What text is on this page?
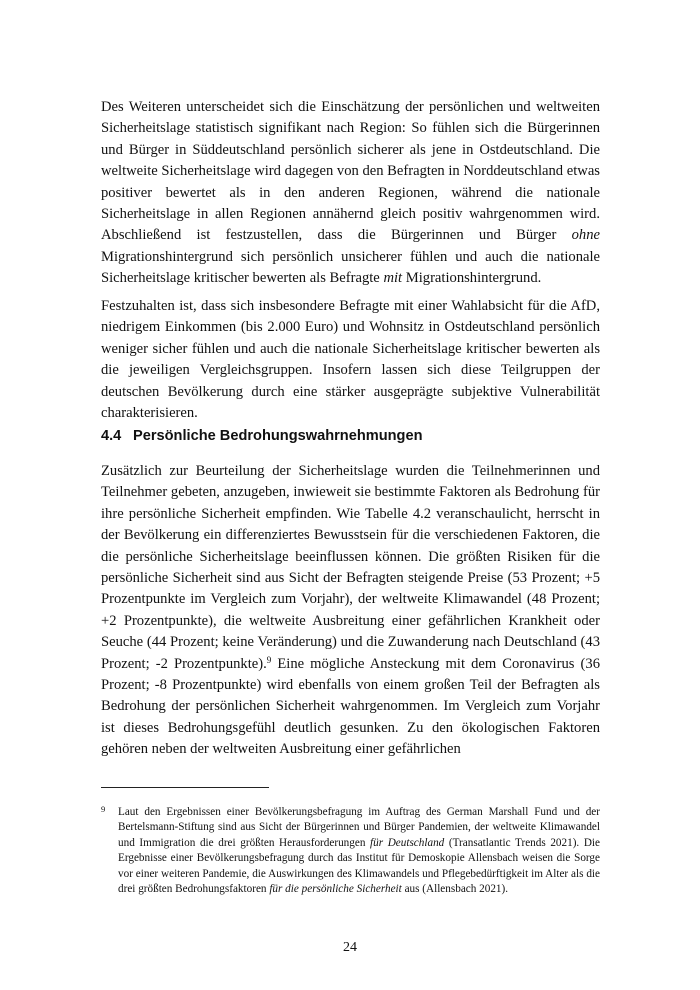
Des Weiteren unterscheidet sich die Einschätzung der persönlichen und weltweiten Sicherheitslage statistisch signifikant nach Region: So fühlen sich die Bürgerinnen und Bürger in Süddeutschland persönlich sicherer als jene in Ostdeutschland. Die weltweite Sicherheitslage wird dagegen von den Befragten in Norddeutschland etwas positiver bewertet als in den anderen Regionen, während die nationale Sicherheitslage in allen Regionen annähernd gleich positiv wahrgenommen wird. Abschließend ist festzustellen, dass die Bürgerinnen und Bürger ohne Migrationshintergrund sich persönlich unsicherer fühlen und auch die nationale Sicherheitslage kritischer bewerten als Befragte mit Migrationshintergrund.

Festzuhalten ist, dass sich insbesondere Befragte mit einer Wahlabsicht für die AfD, niedrigem Einkommen (bis 2.000 Euro) und Wohnsitz in Ostdeutschland persönlich weniger sicher fühlen und auch die nationale Sicherheitslage kritischer bewerten als die jeweiligen Vergleichsgruppen. Insofern lassen sich diese Teilgruppen der deutschen Bevölkerung durch eine stärker ausgeprägte subjektive Vulnerabilität charakterisieren.

4.4 Persönliche Bedrohungswahrnehmungen

Zusätzlich zur Beurteilung der Sicherheitslage wurden die Teilnehmerinnen und Teilnehmer gebeten, anzugeben, inwieweit sie bestimmte Faktoren als Bedrohung für ihre persönliche Sicherheit empfinden. Wie Tabelle 4.2 veranschaulicht, herrscht in der Bevölkerung ein differenziertes Bewusstsein für die verschiedenen Faktoren, die die persönliche Sicherheitslage beeinflussen können. Die größten Risiken für die persönliche Sicherheit sind aus Sicht der Befragten steigende Preise (53 Prozent; +5 Prozentpunkte im Vergleich zum Vorjahr), der weltweite Klimawandel (48 Prozent; +2 Prozentpunkte), die weltweite Ausbreitung einer gefährlichen Krankheit oder Seuche (44 Prozent; keine Veränderung) und die Zuwanderung nach Deutschland (43 Prozent; -2 Prozentpunkte).$^9$ Eine mögliche Ansteckung mit dem Coronavirus (36 Prozent; -8 Prozentpunkte) wird ebenfalls von einem großen Teil der Befragten als Bedrohung der persönlichen Sicherheit wahrgenommen. Im Vergleich zum Vorjahr ist dieses Bedrohungsgefühl deutlich gesunken. Zu den ökologischen Faktoren gehören neben der weltweiten Ausbreitung einer gefährlichen

9 Laut den Ergebnissen einer Bevölkerungsbefragung im Auftrag des German Marshall Fund und der Bertelsmann-Stiftung sind aus Sicht der Bürgerinnen und Bürger Pandemien, der weltweite Klimawandel und Immigration die drei größten Herausforderungen für Deutschland (Transatlantic Trends 2021). Die Ergebnisse einer Bevölkerungsbefragung durch das Institut für Demoskopie Allensbach weisen die Sorge vor einer weiteren Pandemie, die Auswirkungen des Klimawandels und Pflegebedürftigkeit im Alter als die drei größten Bedrohungsfaktoren für die persönliche Sicherheit aus (Allensbach 2021).
24
